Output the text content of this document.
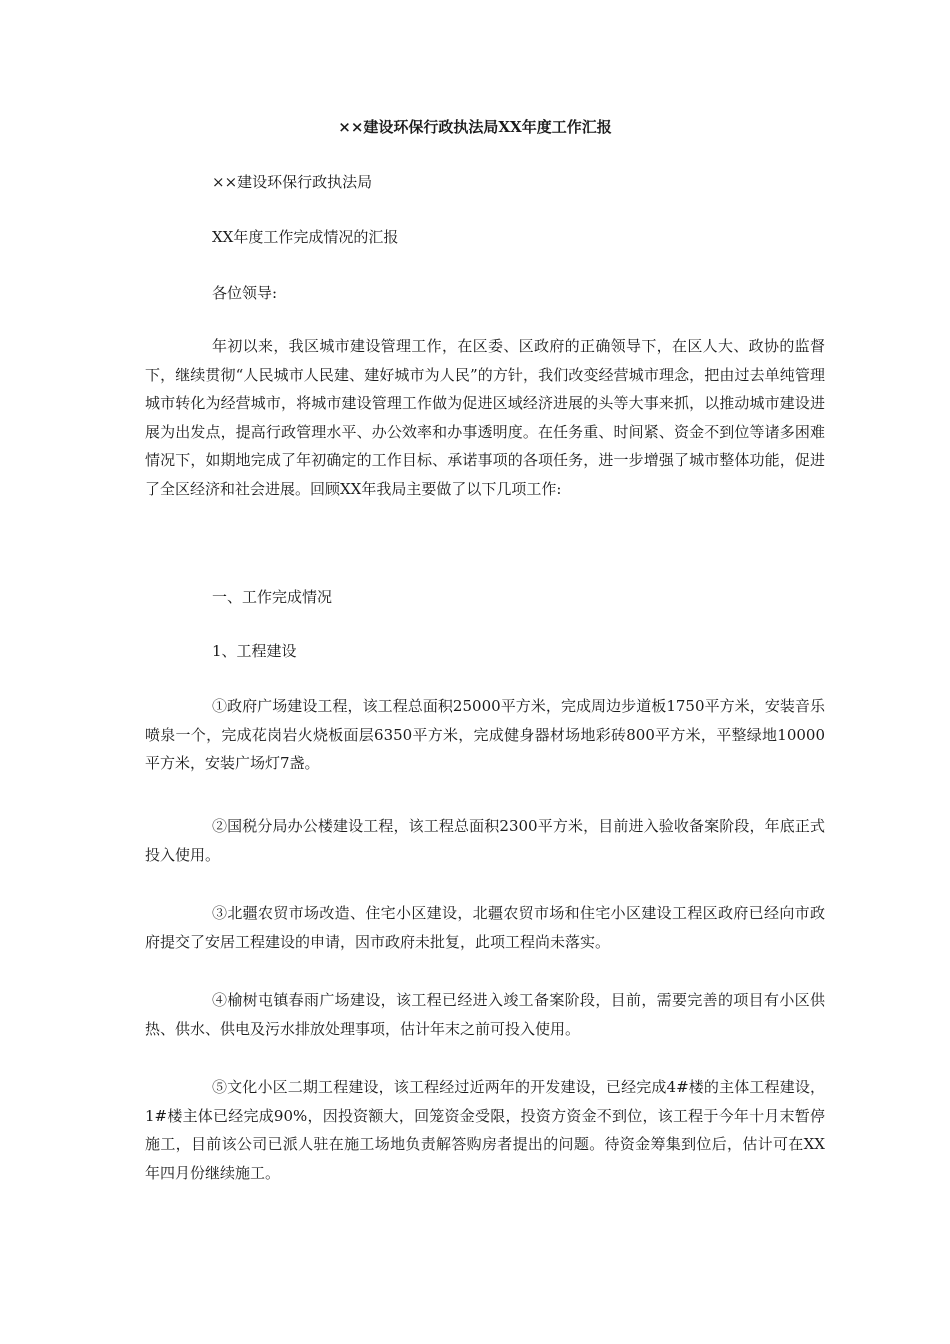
××建设环保行政执法局XX年度工作汇报

××建设环保行政执法局

XX年度工作完成情况的汇报

各位领导:

年初以来，我区城市建设管理工作，在区委、区政府的正确领导下，在区人大、政协的监督下，继续贯彻“人民城市人民建、建好城市为人民”的方针，我们改变经营城市理念，把由过去单纯管理城市转化为经营城市，将城市建设管理工作做为促进区域经济进展的头等大事来抓，以推动城市建设进展为出发点，提高行政管理水平、办公效率和办事透明度。在任务重、时间紧、资金不到位等诸多困难情况下，如期地完成了年初确定的工作目标、承诺事项的各项任务，进一步增强了城市整体功能，促进了全区经济和社会进展。回顾XX年我局主要做了以下几项工作:

一、工作完成情况

1、工程建设

①政府广场建设工程，该工程总面积25000平方米，完成周边步道板1750平方米，安装音乐喷泉一个，完成花岗岩火烧板面层6350平方米，完成健身器材场地彩砖800平方米，平整绿地10000平方米，安装广场灯7盏。

②国税分局办公楼建设工程，该工程总面积2300平方米，目前进入验收备案阶段，年底正式投入使用。

③北疆农贸市场改造、住宅小区建设，北疆农贸市场和住宅小区建设工程区政府已经向市政府提交了安居工程建设的申请，因市政府未批复，此项工程尚未落实。

④榆树屯镇春雨广场建设，该工程已经进入竣工备案阶段，目前，需要完善的项目有小区供热、供水、供电及污水排放处理事项，估计年末之前可投入使用。

⑤文化小区二期工程建设，该工程经过近两年的开发建设，已经完成4#楼的主体工程建设，1#楼主体已经完成90%，因投资额大，回笼资金受限，投资方资金不到位，该工程于今年十月末暂停施工，目前该公司已派人驻在施工场地负责解答购房者提出的问题。待资金筹集到位后，估计可在XX年四月份继续施工。
